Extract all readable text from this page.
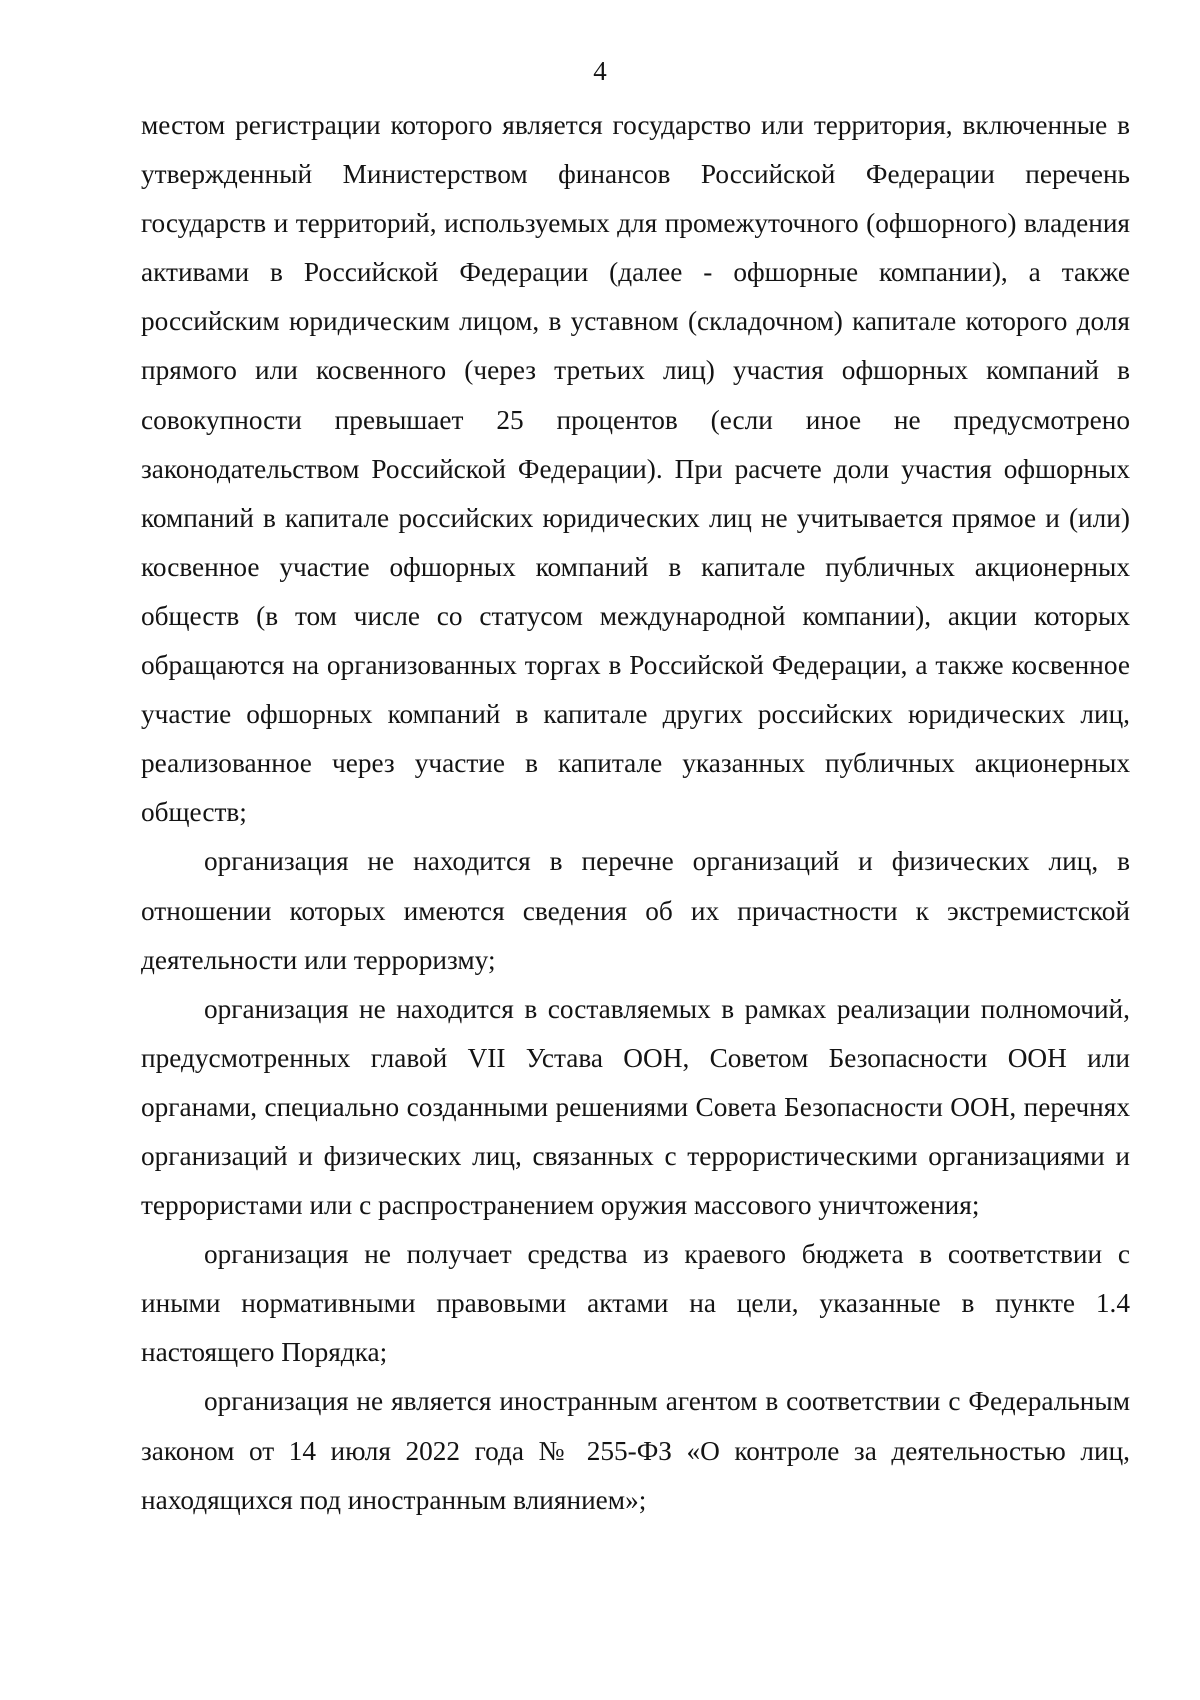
4

местом регистрации которого является государство или территория, включенные в утвержденный Министерством финансов Российской Федерации перечень государств и территорий, используемых для промежуточного (офшорного) владения активами в Российской Федерации (далее - офшорные компании), а также российским юридическим лицом, в уставном (складочном) капитале которого доля прямого или косвенного (через третьих лиц) участия офшорных компаний в совокупности превышает 25 процентов (если иное не предусмотрено законодательством Российской Федерации). При расчете доли участия офшорных компаний в капитале российских юридических лиц не учитывается прямое и (или) косвенное участие офшорных компаний в капитале публичных акционерных обществ (в том числе со статусом международной компании), акции которых обращаются на организованных торгах в Российской Федерации, а также косвенное участие офшорных компаний в капитале других российских юридических лиц, реализованное через участие в капитале указанных публичных акционерных обществ;

организация не находится в перечне организаций и физических лиц, в отношении которых имеются сведения об их причастности к экстремистской деятельности или терроризму;

организация не находится в составляемых в рамках реализации полномочий, предусмотренных главой VII Устава ООН, Советом Безопасности ООН или органами, специально созданными решениями Совета Безопасности ООН, перечнях организаций и физических лиц, связанных с террористическими организациями и террористами или с распространением оружия массового уничтожения;

организация не получает средства из краевого бюджета в соответствии с иными нормативными правовыми актами на цели, указанные в пункте 1.4 настоящего Порядка;

организация не является иностранным агентом в соответствии с Федеральным законом от 14 июля 2022 года № 255-ФЗ «О контроле за деятельностью лиц, находящихся под иностранным влиянием»;
